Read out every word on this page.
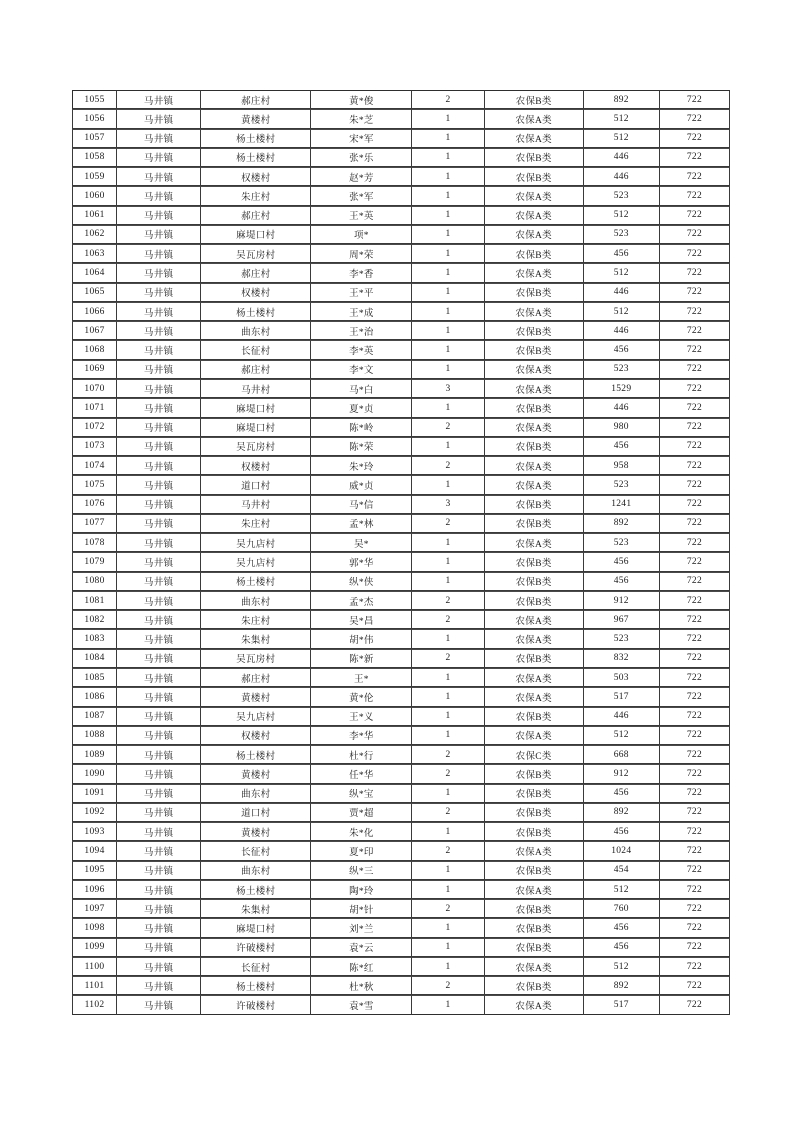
1055	马井镇	郝庄村	黄*俊	2	农保B类	892	722
1056	马井镇	黄楼村	朱*芝	1	农保A类	512	722
1057	马井镇	杨土楼村	宋*军	1	农保A类	512	722
1058	马井镇	杨土楼村	张*乐	1	农保B类	446	722
1059	马井镇	权楼村	赵*芳	1	农保B类	446	722
1060	马井镇	朱庄村	张*军	1	农保A类	523	722
1061	马井镇	郝庄村	王*英	1	农保A类	512	722
1062	马井镇	麻堤口村	项*	1	农保A类	523	722
1063	马井镇	吴瓦房村	周*荣	1	农保B类	456	722
1064	马井镇	郝庄村	李*香	1	农保A类	512	722
1065	马井镇	权楼村	王*平	1	农保B类	446	722
1066	马井镇	杨土楼村	王*成	1	农保A类	512	722
1067	马井镇	曲东村	王*治	1	农保B类	446	722
1068	马井镇	长征村	李*英	1	农保B类	456	722
1069	马井镇	郝庄村	李*文	1	农保A类	523	722
1070	马井镇	马井村	马*白	3	农保A类	1529	722
1071	马井镇	麻堤口村	夏*贞	1	农保B类	446	722
1072	马井镇	麻堤口村	陈*岭	2	农保A类	980	722
1073	马井镇	吴瓦房村	陈*荣	1	农保B类	456	722
1074	马井镇	权楼村	朱*玲	2	农保A类	958	722
1075	马井镇	道口村	威*贞	1	农保A类	523	722
1076	马井镇	马井村	马*信	3	农保B类	1241	722
1077	马井镇	朱庄村	孟*林	2	农保B类	892	722
1078	马井镇	吴九店村	吴*	1	农保A类	523	722
1079	马井镇	吴九店村	郭*华	1	农保B类	456	722
1080	马井镇	杨土楼村	纵*侠	1	农保B类	456	722
1081	马井镇	曲东村	孟*杰	2	农保B类	912	722
1082	马井镇	朱庄村	吴*昌	2	农保A类	967	722
1083	马井镇	朱集村	胡*伟	1	农保A类	523	722
1084	马井镇	吴瓦房村	陈*新	2	农保B类	832	722
1085	马井镇	郝庄村	王*	1	农保A类	503	722
1086	马井镇	黄楼村	黄*伦	1	农保A类	517	722
1087	马井镇	吴九店村	王*义	1	农保B类	446	722
1088	马井镇	权楼村	李*华	1	农保A类	512	722
1089	马井镇	杨土楼村	杜*行	2	农保C类	668	722
1090	马井镇	黄楼村	任*华	2	农保B类	912	722
1091	马井镇	曲东村	纵*宝	1	农保B类	456	722
1092	马井镇	道口村	贾*超	2	农保B类	892	722
1093	马井镇	黄楼村	朱*化	1	农保B类	456	722
1094	马井镇	长征村	夏*印	2	农保A类	1024	722
1095	马井镇	曲东村	纵*三	1	农保B类	454	722
1096	马井镇	杨土楼村	陶*玲	1	农保A类	512	722
1097	马井镇	朱集村	胡*针	2	农保B类	760	722
1098	马井镇	麻堤口村	刘*兰	1	农保B类	456	722
1099	马井镇	许破楼村	袁*云	1	农保B类	456	722
1100	马井镇	长征村	陈*红	1	农保A类	512	722
1101	马井镇	杨土楼村	杜*秋	2	农保B类	892	722
1102	马井镇	许破楼村	袁*雪	1	农保A类	517	722
